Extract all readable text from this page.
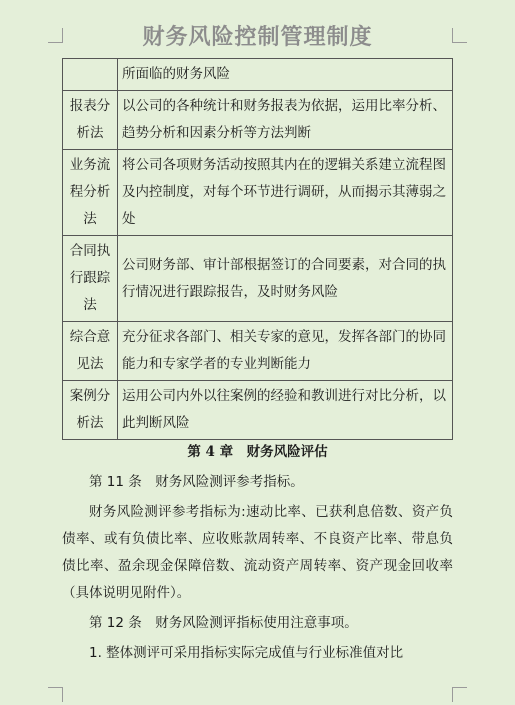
财务风险控制管理制度
	所面临的财务风险
报表分析法	以公司的各种统计和财务报表为依据，运用比率分析、趋势分析和因素分析等方法判断
业务流程分析法	将公司各项财务活动按照其内在的逻辑关系建立流程图及内控制度，对每个环节进行调研，从而揭示其薄弱之处
合同执行跟踪法	公司财务部、审计部根据签订的合同要素，对合同的执行情况进行跟踪报告，及时财务风险
综合意见法	充分征求各部门、相关专家的意见，发挥各部门的协同能力和专家学者的专业判断能力
案例分析法	运用公司内外以往案例的经验和教训进行对比分析，以此判断风险
第 4 章　财务风险评估

第 11 条　财务风险测评参考指标。

财务风险测评参考指标为:速动比率、已获利息倍数、资产负债率、或有负债比率、应收账款周转率、不良资产比率、带息负债比率、盈余现金保障倍数、流动资产周转率、资产现金回收率（具体说明见附件）。

第 12 条　财务风险测评指标使用注意事项。

1. 整体测评可采用指标实际完成值与行业标准值对比
